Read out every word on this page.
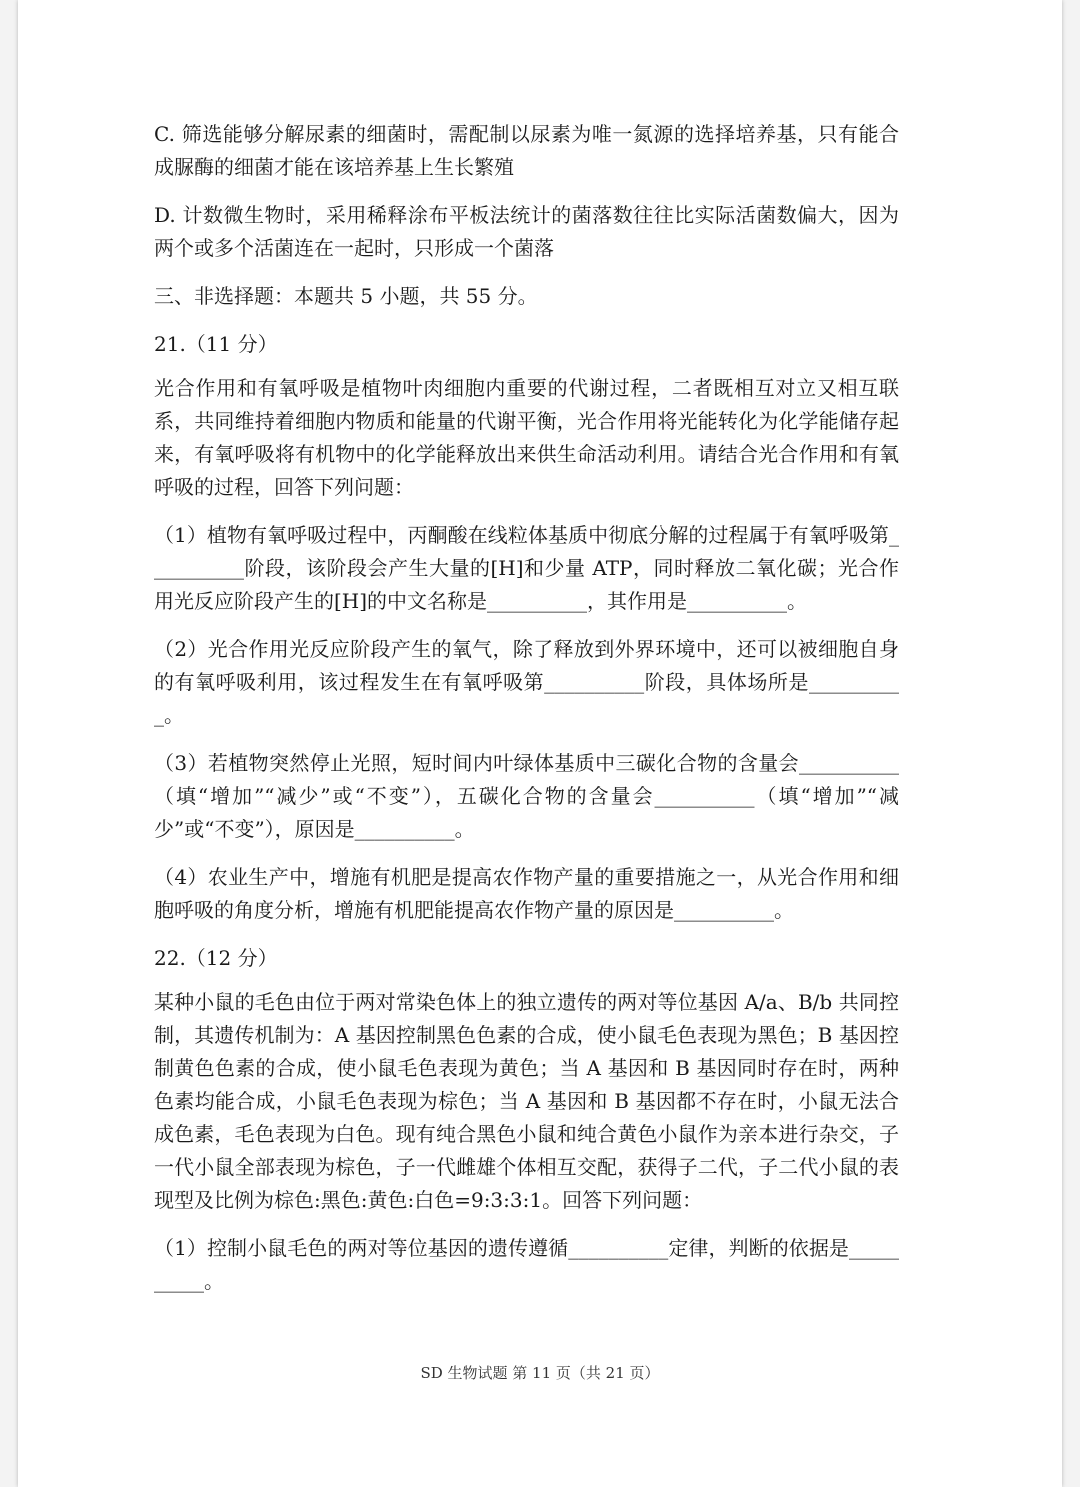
C. 筛选能够分解尿素的细菌时，需配制以尿素为唯一氮源的选择培养基，只有能合成脲酶的细菌才能在该培养基上生长繁殖

D. 计数微生物时，采用稀释涂布平板法统计的菌落数往往比实际活菌数偏大，因为两个或多个活菌连在一起时，只形成一个菌落

三、非选择题：本题共 5 小题，共 55 分。

21.（11 分）

光合作用和有氧呼吸是植物叶肉细胞内重要的代谢过程，二者既相互对立又相互联系，共同维持着细胞内物质和能量的代谢平衡，光合作用将光能转化为化学能储存起来，有氧呼吸将有机物中的化学能释放出来供生命活动利用。请结合光合作用和有氧呼吸的过程，回答下列问题：

（1）植物有氧呼吸过程中，丙酮酸在线粒体基质中彻底分解的过程属于有氧呼吸第__________阶段，该阶段会产生大量的[H]和少量 ATP，同时释放二氧化碳；光合作用光反应阶段产生的[H]的中文名称是__________，其作用是__________。

（2）光合作用光反应阶段产生的氧气，除了释放到外界环境中，还可以被细胞自身的有氧呼吸利用，该过程发生在有氧呼吸第__________阶段，具体场所是__________。

（3）若植物突然停止光照，短时间内叶绿体基质中三碳化合物的含量会__________（填“增加”“减少”或“不变”），五碳化合物的含量会__________（填“增加”“减少”或“不变”），原因是__________。

（4）农业生产中，增施有机肥是提高农作物产量的重要措施之一，从光合作用和细胞呼吸的角度分析，增施有机肥能提高农作物产量的原因是__________。

22.（12 分）

某种小鼠的毛色由位于两对常染色体上的独立遗传的两对等位基因 A/a、B/b 共同控制，其遗传机制为：A 基因控制黑色色素的合成，使小鼠毛色表现为黑色；B 基因控制黄色色素的合成，使小鼠毛色表现为黄色；当 A 基因和 B 基因同时存在时，两种色素均能合成，小鼠毛色表现为棕色；当 A 基因和 B 基因都不存在时，小鼠无法合成色素，毛色表现为白色。现有纯合黑色小鼠和纯合黄色小鼠作为亲本进行杂交，子一代小鼠全部表现为棕色，子一代雌雄个体相互交配，获得子二代，子二代小鼠的表现型及比例为棕色:黑色:黄色:白色=9:3:3:1。回答下列问题：

（1）控制小鼠毛色的两对等位基因的遗传遵循__________定律，判断的依据是__________。

SD 生物试题 第 11 页（共 21 页）
